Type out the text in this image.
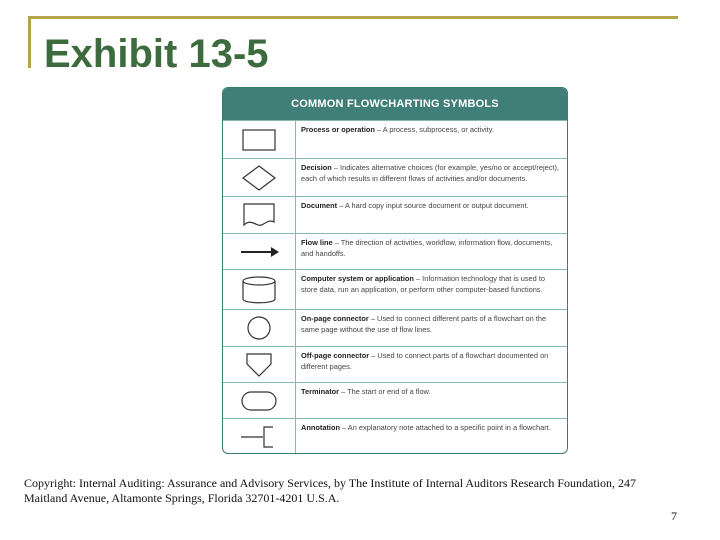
Exhibit 13-5
COMMON FLOWCHARTING SYMBOLS
Process or operation – A process, subprocess, or activity.
Decision – Indicates alternative choices (for example, yes/no or accept/reject), each of which results in different flows of activities and/or documents.
Document – A hard copy input source document or output document.
Flow line – The direction of activities, workflow, information flow, documents, and handoffs.
Computer system or application – Information technology that is used to store data, run an application, or perform other computer-based functions.
On-page connector – Used to connect different parts of a flowchart on the same page without the use of flow lines.
Off-page connector – Used to connect parts of a flowchart documented on different pages.
Terminator – The start or end of a flow.
Annotation – An explanatory note attached to a specific point in a flowchart.

Copyright: Internal Auditing: Assurance and Advisory Services, by The Institute of Internal Auditors Research Foundation, 247 Maitland Avenue, Altamonte Springs, Florida 32701-4201 U.S.A.

7
